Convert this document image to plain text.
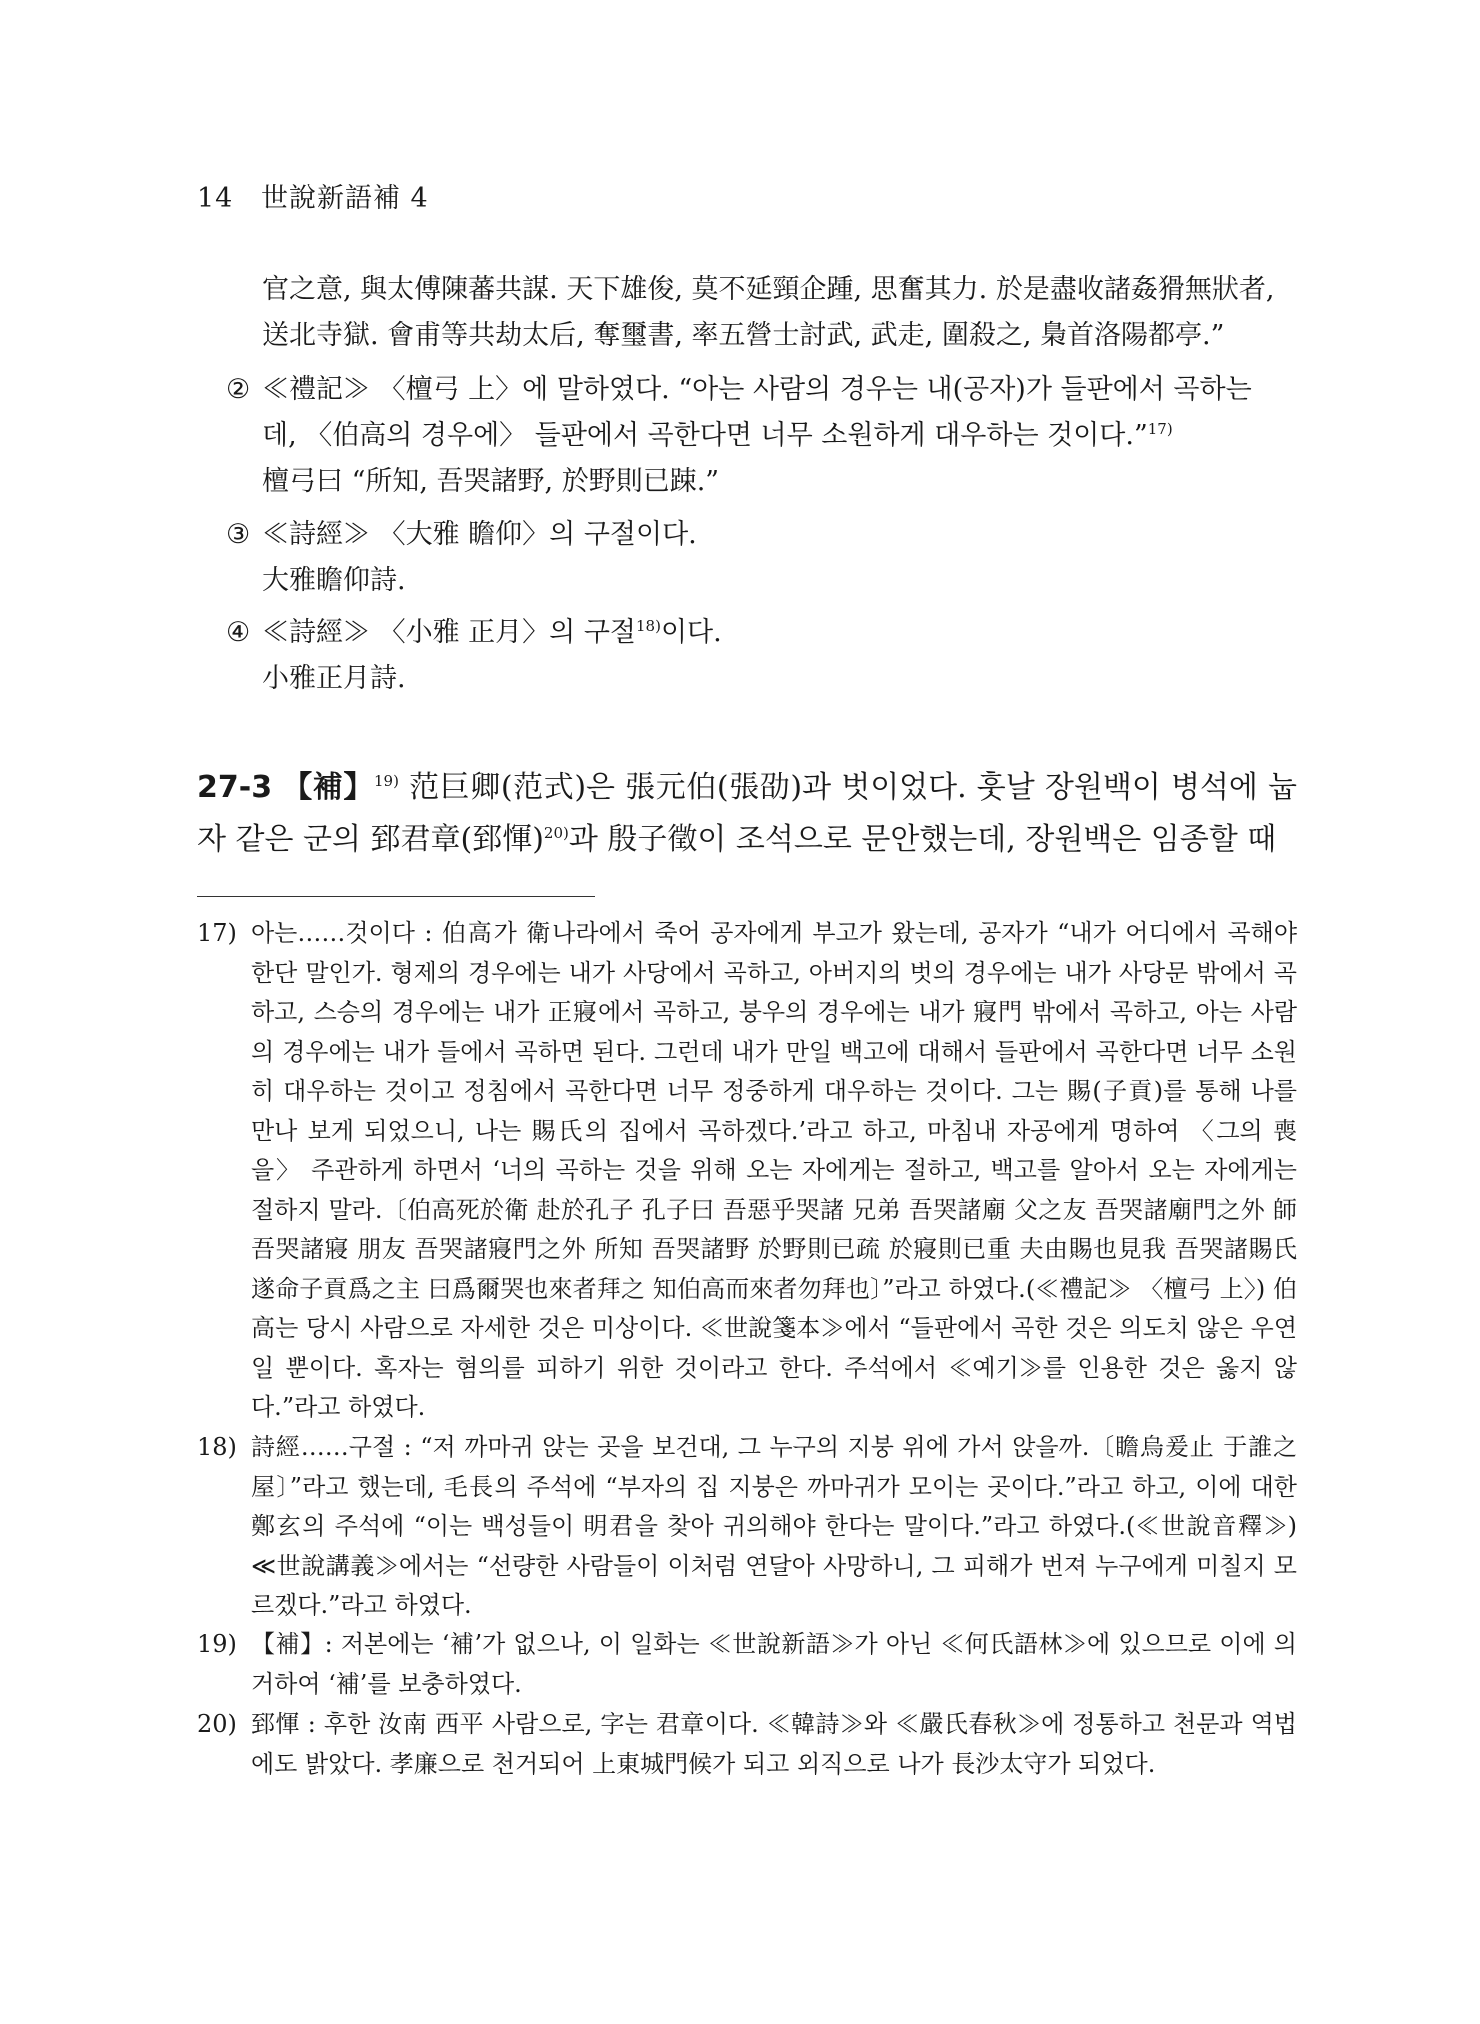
14 世說新語補 4
官之意, 與太傅陳蕃共謀. 天下雄俊, 莫不延頸企踵, 思奮其力. 於是盡收諸姦猾無狀者,
送北寺獄. 會甫等共劫太后, 奪璽書, 率五營士討武, 武走, 圍殺之, 梟首洛陽都亭.”
② ≪禮記≫ 〈檀弓 上〉에 말하였다. “아는 사람의 경우는 내(공자)가 들판에서 곡하는
데, 〈伯高의 경우에〉 들판에서 곡한다면 너무 소원하게 대우하는 것이다.”$^{17)}$
檀弓曰 “所知, 吾哭諸野, 於野則已踈.”
③ ≪詩經≫ 〈大雅 瞻仰〉의 구절이다.
大雅瞻仰詩.
④ ≪詩經≫ 〈小雅 正月〉의 구절$^{18)}$이다.
小雅正月詩.
27-3 【補】$^{19)}$ 范巨卿(范式)은 張元伯(張劭)과 벗이었다. 훗날 장원백이 병석에 눕자 같은 군의 郅君章(郅惲)$^{20)}$과 殷子徵이 조석으로 문안했는데, 장원백은 임종할 때
17) 아는……것이다 : 伯高가 衛나라에서 죽어 공자에게 부고가 왔는데, 공자가 “내가 어디에서 곡해야 한단 말인가. 형제의 경우에는 내가 사당에서 곡하고, 아버지의 벗의 경우에는 내가 사당문 밖에서 곡하고, 스승의 경우에는 내가 正寢에서 곡하고, 붕우의 경우에는 내가 寢門 밖에서 곡하고, 아는 사람의 경우에는 내가 들에서 곡하면 된다. 그런데 내가 만일 백고에 대해서 들판에서 곡한다면 너무 소원히 대우하는 것이고 정침에서 곡한다면 너무 정중하게 대우하는 것이다. 그는 賜(子貢)를 통해 나를 만나 보게 되었으니, 나는 賜氏의 집에서 곡하겠다.’라고 하고, 마침내 자공에게 명하여 〈그의 喪을〉 주관하게 하면서 ‘너의 곡하는 것을 위해 오는 자에게는 절하고, 백고를 알아서 오는 자에게는 절하지 말라.〔伯高死於衛 赴於孔子 孔子曰 吾惡乎哭諸 兄弟 吾哭諸廟 父之友 吾哭諸廟門之外 師 吾哭諸寢 朋友 吾哭諸寢門之外 所知 吾哭諸野 於野則已疏 於寢則已重 夫由賜也見我 吾哭諸賜氏 遂命子貢爲之主 曰爲爾哭也來者拜之 知伯高而來者勿拜也〕”라고 하였다.(≪禮記≫ 〈檀弓 上〉) 伯高는 당시 사람으로 자세한 것은 미상이다. ≪世說箋本≫에서 “들판에서 곡한 것은 의도치 않은 우연일 뿐이다. 혹자는 혐의를 피하기 위한 것이라고 한다. 주석에서 ≪예기≫를 인용한 것은 옳지 않다.”라고 하였다.
18) 詩經……구절 : “저 까마귀 앉는 곳을 보건대, 그 누구의 지붕 위에 가서 앉을까.〔瞻烏爰止 于誰之屋〕”라고 했는데, 毛長의 주석에 “부자의 집 지붕은 까마귀가 모이는 곳이다.”라고 하고, 이에 대한 鄭玄의 주석에 “이는 백성들이 明君을 찾아 귀의해야 한다는 말이다.”라고 하였다.(≪世說音釋≫) ≪世說講義≫에서는 “선량한 사람들이 이처럼 연달아 사망하니, 그 피해가 번져 누구에게 미칠지 모르겠다.”라고 하였다.
19) 【補】: 저본에는 ‘補’가 없으나, 이 일화는 ≪世說新語≫가 아닌 ≪何氏語林≫에 있으므로 이에 의거하여 ‘補’를 보충하였다.
20) 郅惲 : 후한 汝南 西平 사람으로, 字는 君章이다. ≪韓詩≫와 ≪嚴氏春秋≫에 정통하고 천문과 역법에도 밝았다. 孝廉으로 천거되어 上東城門候가 되고 외직으로 나가 長沙太守가 되었다.
